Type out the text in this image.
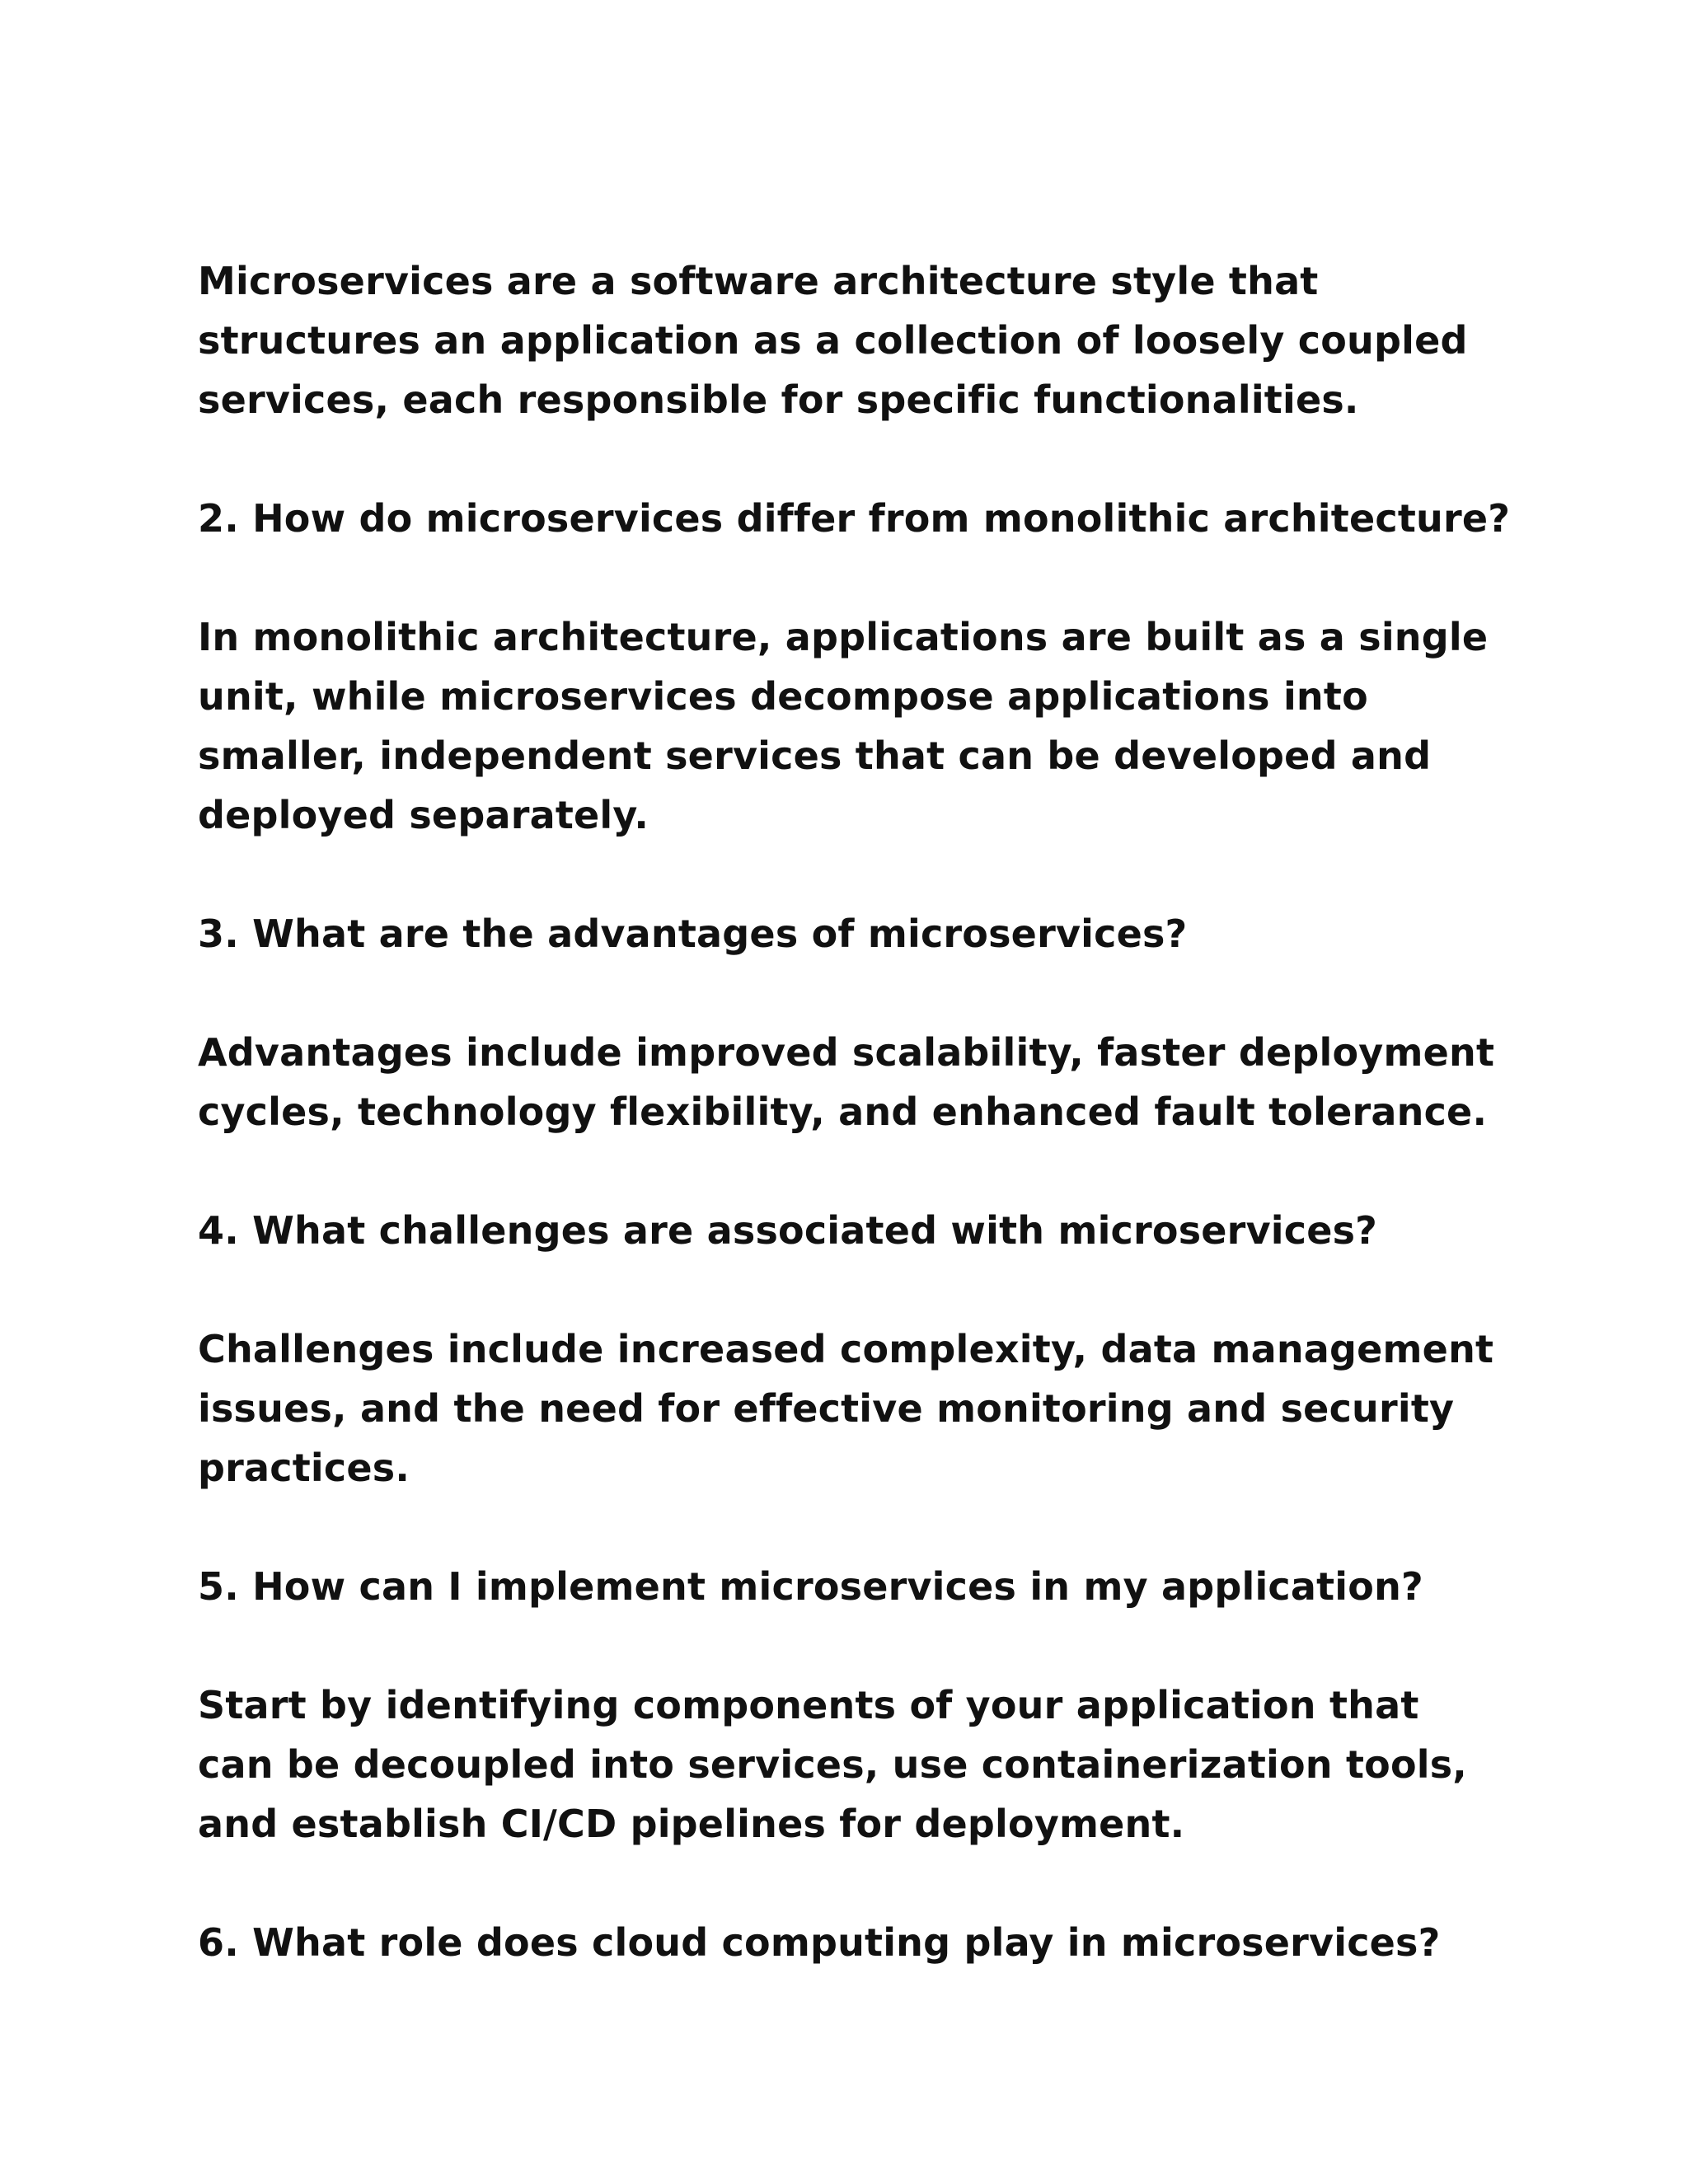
Microservices are a software architecture style that
structures an application as a collection of loosely coupled
services, each responsible for specific functionalities.

2. How do microservices differ from monolithic architecture?

In monolithic architecture, applications are built as a single
unit, while microservices decompose applications into
smaller, independent services that can be developed and
deployed separately.

3. What are the advantages of microservices?

Advantages include improved scalability, faster deployment
cycles, technology flexibility, and enhanced fault tolerance.

4. What challenges are associated with microservices?

Challenges include increased complexity, data management
issues, and the need for effective monitoring and security
practices.

5. How can I implement microservices in my application?

Start by identifying components of your application that
can be decoupled into services, use containerization tools,
and establish CI/CD pipelines for deployment.

6. What role does cloud computing play in microservices?
